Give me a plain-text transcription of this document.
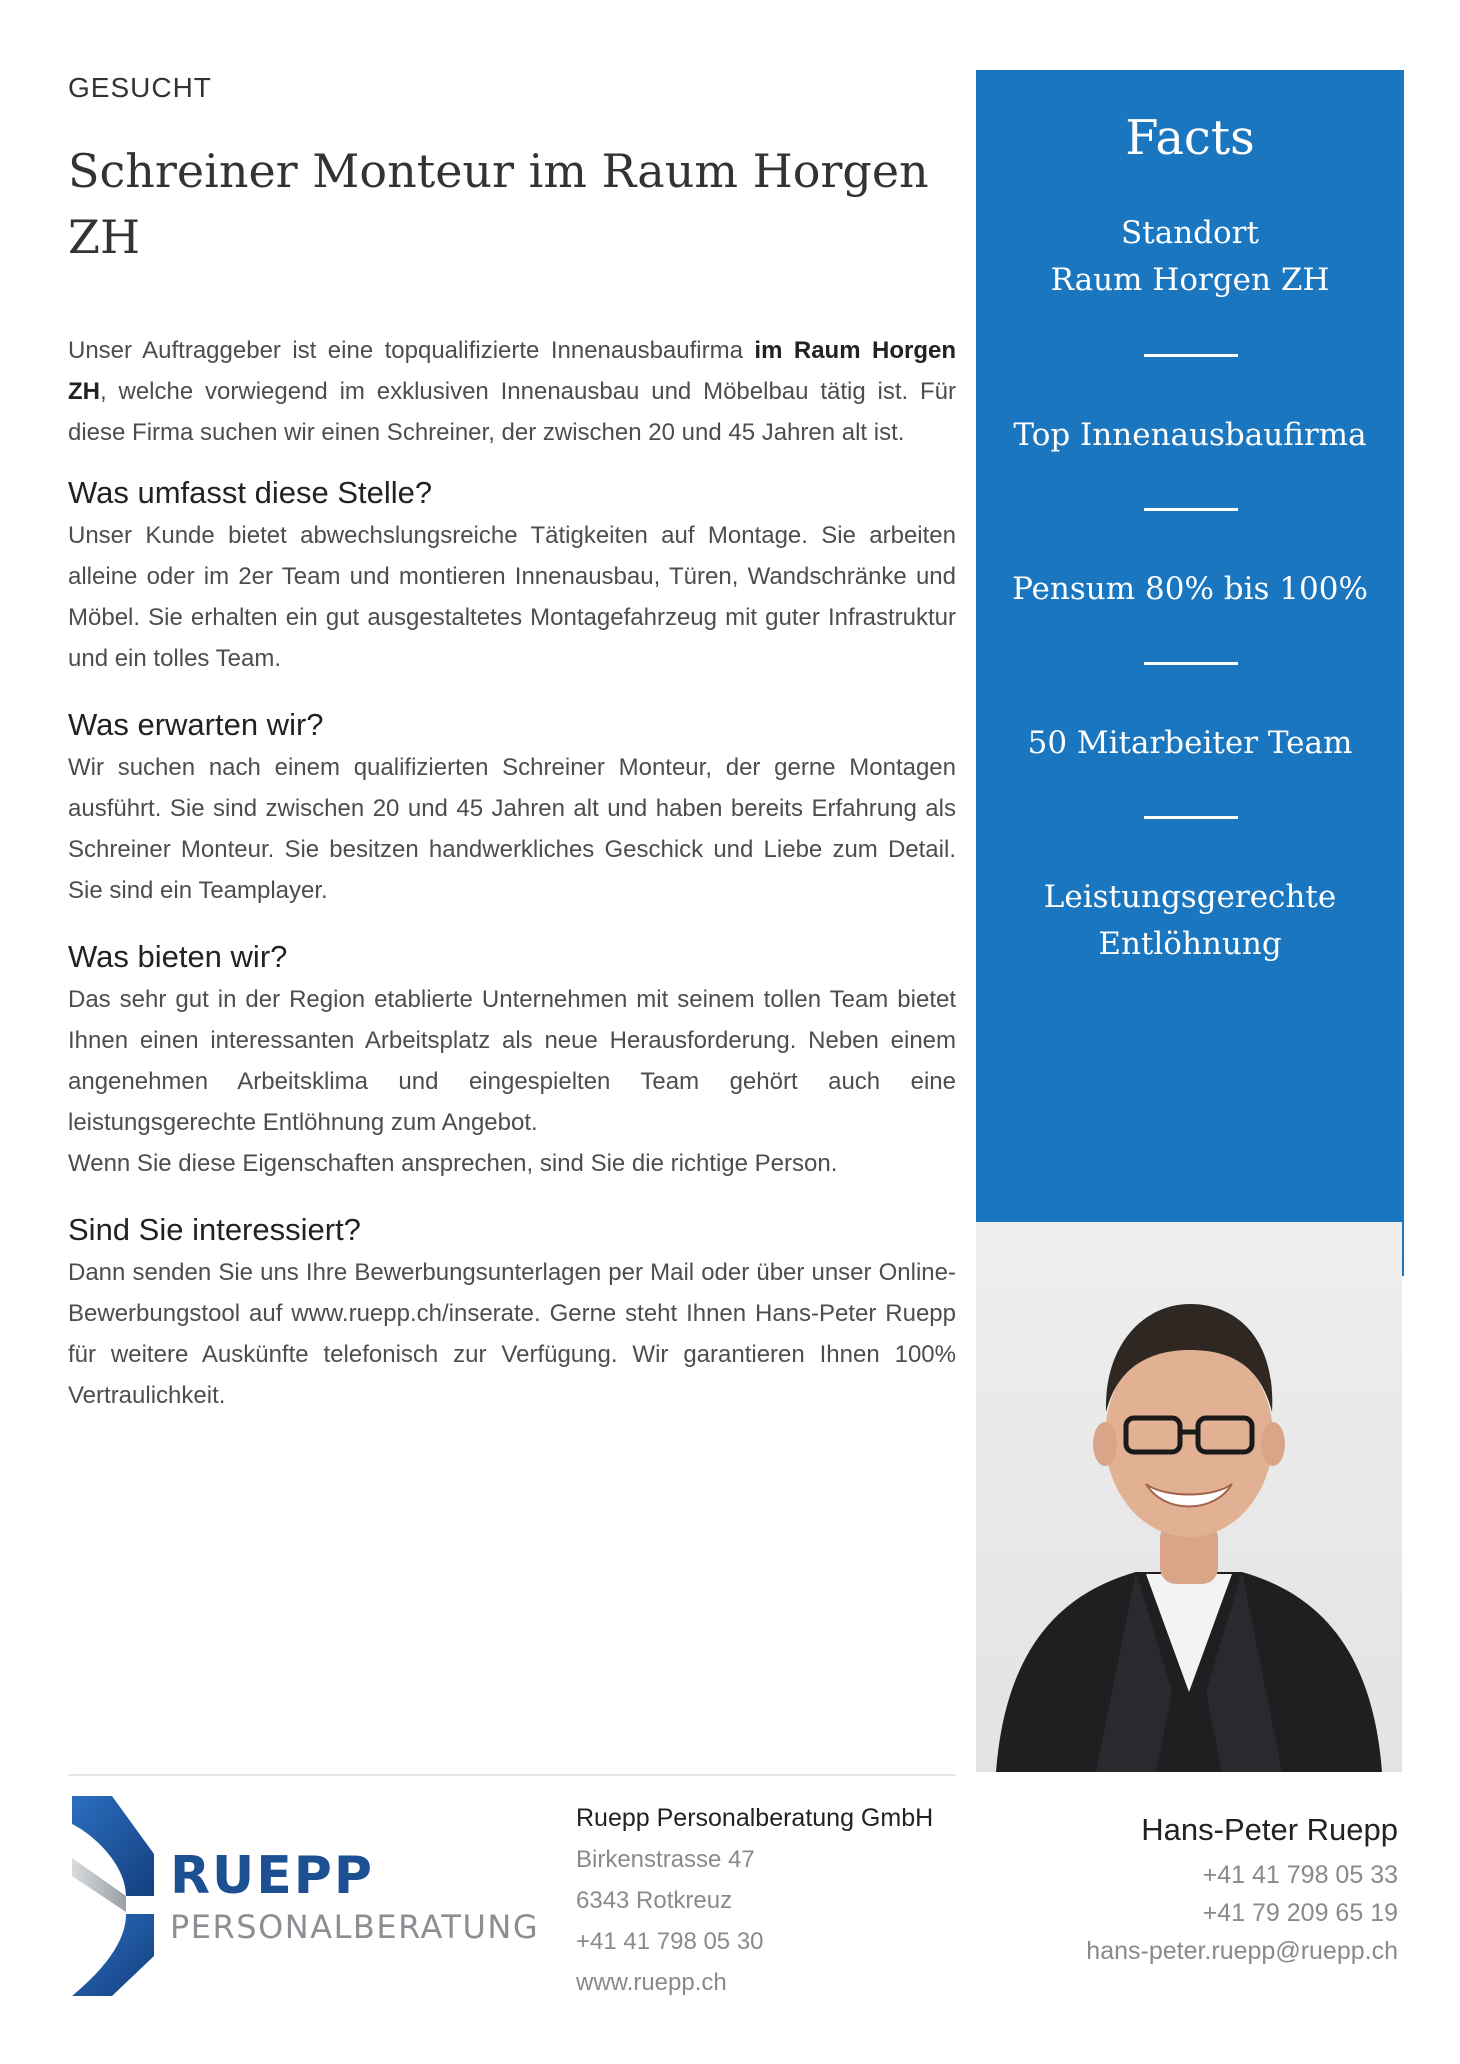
GESUCHT
Schreiner Monteur im Raum Horgen ZH

Unser Auftraggeber ist eine topqualifizierte Innenausbaufirma im Raum Horgen ZH, welche vorwiegend im exklusiven Innenausbau und Möbelbau tätig ist. Für diese Firma suchen wir einen Schreiner, der zwischen 20 und 45 Jahren alt ist.

Was umfasst diese Stelle?

Unser Kunde bietet abwechslungsreiche Tätigkeiten auf Montage. Sie arbeiten alleine oder im 2er Team und montieren Innenausbau, Türen, Wandschränke und Möbel. Sie erhalten ein gut ausgestaltetes Montagefahrzeug mit guter Infrastruktur und ein tolles Team.

Was erwarten wir?

Wir suchen nach einem qualifizierten Schreiner Monteur, der gerne Montagen ausführt. Sie sind zwischen 20 und 45 Jahren alt und haben bereits Erfahrung als Schreiner Monteur. Sie besitzen handwerkliches Geschick und Liebe zum Detail. Sie sind ein Teamplayer.

Was bieten wir?

Das sehr gut in der Region etablierte Unternehmen mit seinem tollen Team bietet Ihnen einen interessanten Arbeitsplatz als neue Herausforderung. Neben einem angenehmen Arbeitsklima und eingespielten Team gehört auch eine leistungsgerechte Entlöhnung zum Angebot.
Wenn Sie diese Eigenschaften ansprechen, sind Sie die richtige Person.

Sind Sie interessiert?

Dann senden Sie uns Ihre Bewerbungsunterlagen per Mail oder über unser Online-Bewerbungstool auf www.ruepp.ch/inserate. Gerne steht Ihnen Hans-Peter Ruepp für weitere Auskünfte telefonisch zur Verfügung. Wir garantieren Ihnen 100% Vertraulichkeit.

Facts
Standort
Raum Horgen ZH
Top Innenausbaufirma
Pensum 80% bis 100%
50 Mitarbeiter Team
Leistungsgerechte
Entlöhnung

RUEPP

PERSONALBERATUNG

Ruepp Personalberatung GmbH
Birkenstrasse 47
6343 Rotkreuz
+41 41 798 05 30
www.ruepp.ch
Hans-Peter Ruepp
+41 41 798 05 33
+41 79 209 65 19
hans-peter.ruepp@ruepp.ch
